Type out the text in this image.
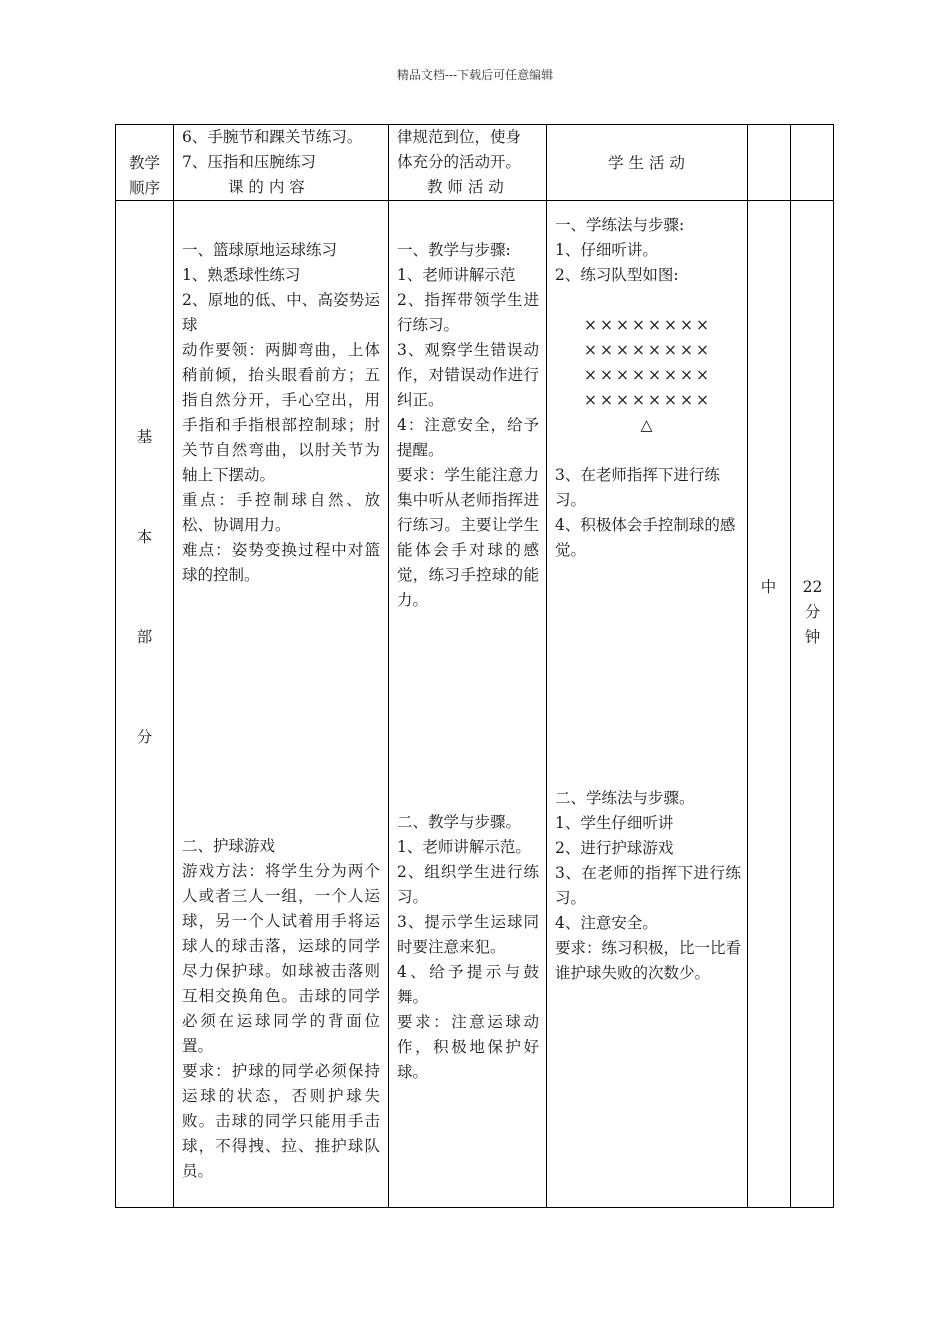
精品文档---下载后可任意编辑

教学

顺序

6、手腕节和踝关节练习。

7、压指和压腕练习

课 的 内 容

律规范到位，使身

体充分的活动开。

教 师 活 动

学 生 活 动
基
本
部
分

一、篮球原地运球练习

1、熟悉球性练习

2、原地的低、中、高姿势运球

动作要领：两脚弯曲，上体稍前倾，抬头眼看前方；五指自然分开，手心空出，用手指和手指根部控制球；肘关节自然弯曲，以肘关节为轴上下摆动。

重点：手控制球自然、放松、协调用力。

难点：姿势变换过程中对篮球的控制。

一、教学与步骤:

1、老师讲解示范

2、指挥带领学生进行练习。

3、观察学生错误动作，对错误动作进行纠正。

4：注意安全，给予提醒。

要求：学生能注意力集中听从老师指挥进行练习。主要让学生能体会手对球的感觉，练习手控球的能力。

一、学练法与步骤:

1、仔细听讲。

2、练习队型如图:

××××××××

××××××××

××××××××

××××××××

△

3、在老师指挥下进行练习。

4、积极体会手控制球的感觉。

中	22

分

钟

二、护球游戏

游戏方法：将学生分为两个人或者三人一组，一个人运球，另一个人试着用手将运球人的球击落，运球的同学尽力保护球。如球被击落则互相交换角色。击球的同学必须在运球同学的背面位置。

要求：护球的同学必须保持运球的状态，否则护球失败。击球的同学只能用手击球，不得拽、拉、推护球队员。

二、教学与步骤。

1、老师讲解示范。

2、组织学生进行练习。

3、提示学生运球同时要注意来犯。

4、给予提示与鼓舞。

要求：注意运球动作，积极地保护好球。

二、学练法与步骤。

1、学生仔细听讲

2、进行护球游戏

3、在老师的指挥下进行练习。

4、注意安全。

要求：练习积极，比一比看谁护球失败的次数少。
